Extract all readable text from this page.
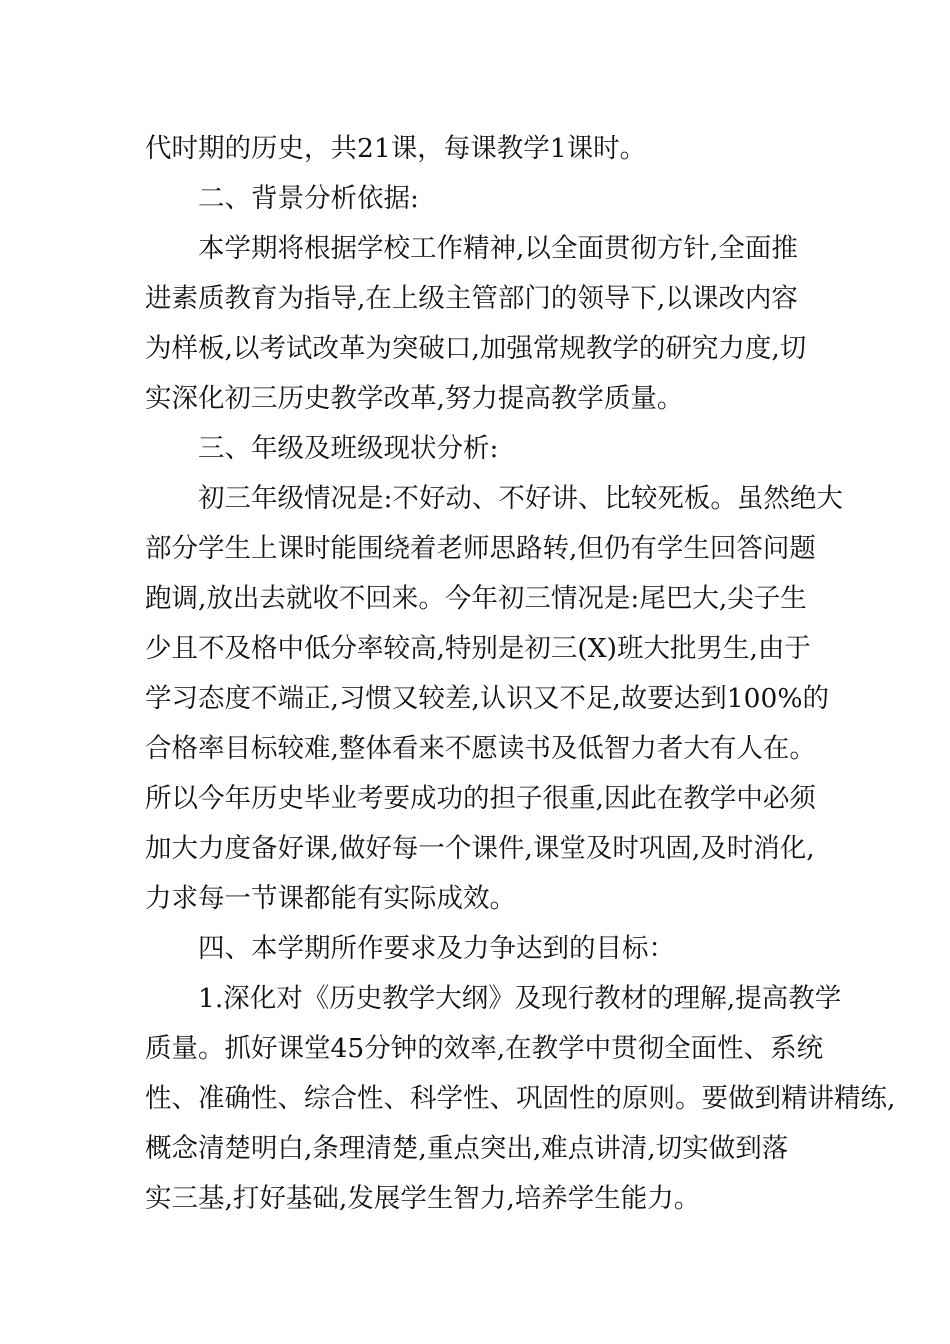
代时期的历史，共21课，每课教学1课时。
二、背景分析依据:
本学期将根据学校工作精神,以全面贯彻方针,全面推
进素质教育为指导,在上级主管部门的领导下,以课改内容
为样板,以考试改革为突破口,加强常规教学的研究力度,切
实深化初三历史教学改革,努力提高教学质量。
三、年级及班级现状分析:
初三年级情况是:不好动、不好讲、比较死板。虽然绝大
部分学生上课时能围绕着老师思路转,但仍有学生回答问题
跑调,放出去就收不回来。今年初三情况是:尾巴大,尖子生
少且不及格中低分率较高,特别是初三(X)班大批男生,由于
学习态度不端正,习惯又较差,认识又不足,故要达到100%的
合格率目标较难,整体看来不愿读书及低智力者大有人在。
所以今年历史毕业考要成功的担子很重,因此在教学中必须
加大力度备好课,做好每一个课件,课堂及时巩固,及时消化,
力求每一节课都能有实际成效。
四、本学期所作要求及力争达到的目标：
1.深化对《历史教学大纲》及现行教材的理解,提高教学
质量。抓好课堂45分钟的效率,在教学中贯彻全面性、系统
性、准确性、综合性、科学性、巩固性的原则。要做到精讲精练,
概念清楚明白,条理清楚,重点突出,难点讲清,切实做到落
实三基,打好基础,发展学生智力,培养学生能力。
